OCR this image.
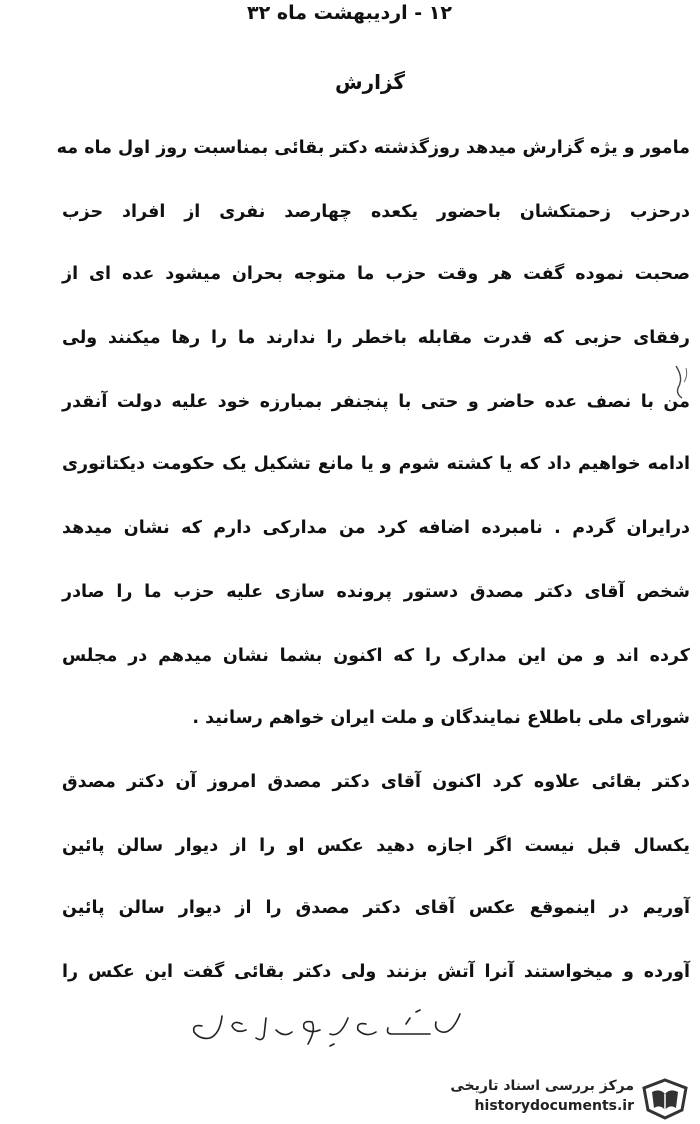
۱۲ - اردیبهشت ماه ۳۲
گزارش
مامور و یژه گزارش میدهد روزگذشته دکتر بقائی بمناسبت روز اول ماه مه
درحزب زحمتکشان باحضور یکعده چهارصد نفری از افراد حزب
صحبت نموده گفت هر وقت حزب ما متوجه بحران میشود عده ای از
رفقای حزبی که قدرت مقابله باخطر را ندارند ما را رها میکنند ولی
من با نصف عده حاضر و حتی با پنجنفر بمبارزه خود علیه دولت آنقدر
ادامه خواهیم داد که یا کشته شوم و یا مانع تشکیل یک حکومت دیکتاتوری
درایران گردم . نامبرده اضافه کرد من مدارکی دارم که نشان میدهد
شخص آقای دکتر مصدق دستور پرونده سازی علیه حزب ما را صادر
کرده اند و من این مدارک را که اکنون بشما نشان میدهم در مجلس
شورای ملی باطلاع نمایندگان و ملت ایران خواهم رسانید .
دکتر بقائی علاوه کرد اکنون آقای دکتر مصدق امروز آن دکتر مصدق
یکسال قبل نیست اگر اجازه دهید عکس او را از دیوار سالن پائین
آوریم در اینموقع عکس آقای دکتر مصدق را از دیوار سالن پائین
آورده و میخواستند آنرا آتش بزنند ولی دکتر بقائی گفت این عکس را
مرکز بررسی اسناد تاریخی
historydocuments.ir
